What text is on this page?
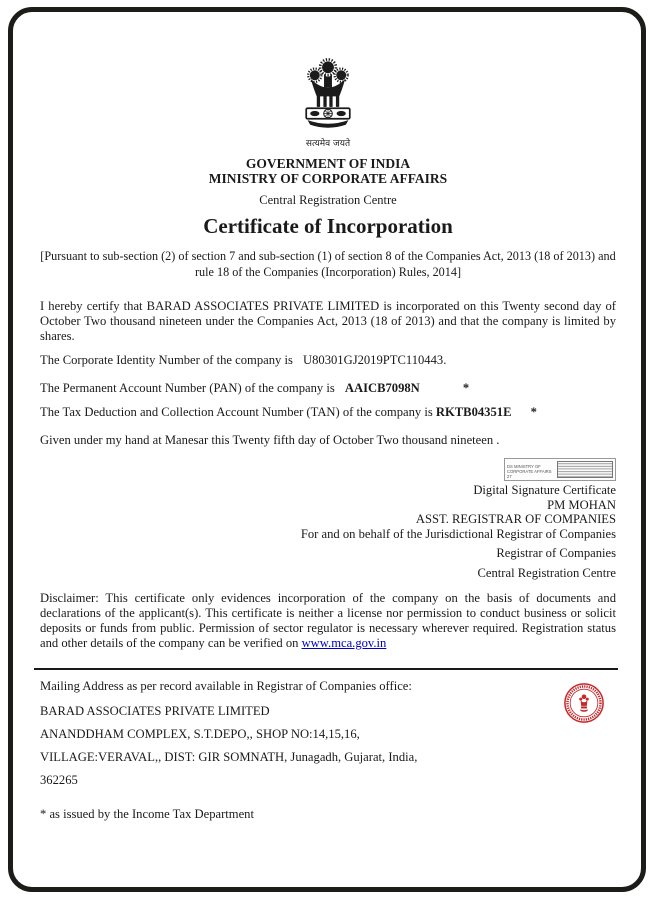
सत्यमेव जयते
GOVERNMENT OF INDIA
MINISTRY OF CORPORATE AFFAIRS
Central Registration Centre
Certificate of Incorporation
[Pursuant to sub-section (2) of section 7 and sub-section (1) of section 8 of the Companies Act, 2013 (18 of 2013) and rule 18 of the Companies (Incorporation) Rules, 2014]

I hereby certify that BARAD ASSOCIATES PRIVATE LIMITED is incorporated on this Twenty second day of October Two thousand nineteen under the Companies Act, 2013 (18 of 2013) and that the company is limited by shares.

The Corporate Identity Number of the company is U80301GJ2019PTC110443.
The Permanent Account Number (PAN) of the company is AAICB7098N	*
The Tax Deduction and Collection Account Number (TAN) of the company is RKTB04351E *
Given under my hand at Manesar this Twenty fifth day of October Two thousand nineteen .
DS MINISTRY OF CORPORATE AFFAIRS 27
Digital Signature Certificate
PM MOHAN
ASST. REGISTRAR OF COMPANIES
For and on behalf of the Jurisdictional Registrar of Companies
Registrar of Companies
Central Registration Centre

Disclaimer: This certificate only evidences incorporation of the company on the basis of documents and declarations of the applicant(s). This certificate is neither a license nor permission to conduct business or solicit deposits or funds from public. Permission of sector regulator is necessary wherever required. Registration status and other details of the company can be verified on www.mca.gov.in

Mailing Address as per record available in Registrar of Companies office:
BARAD ASSOCIATES PRIVATE LIMITED
ANANDDHAM COMPLEX, S.T.DEPO,, SHOP NO:14,15,16,
VILLAGE:VERAVAL,, DIST: GIR SOMNATH, Junagadh, Gujarat, India,
362265
* as issued by the Income Tax Department
